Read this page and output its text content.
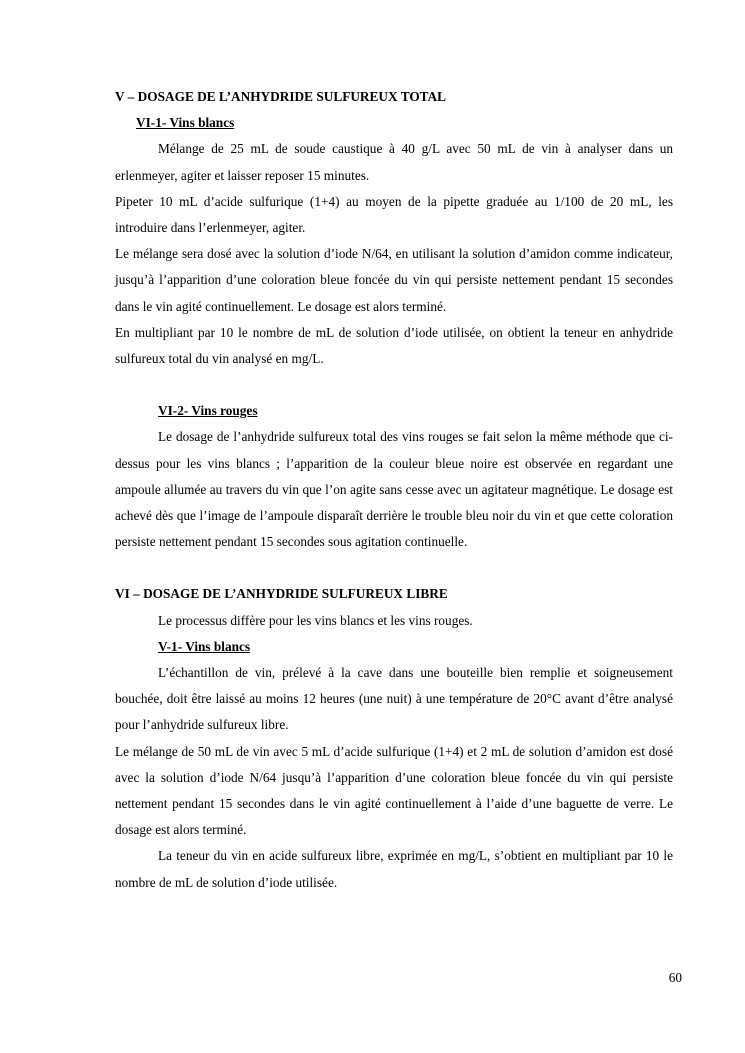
V – DOSAGE DE L’ANHYDRIDE SULFUREUX TOTAL
VI-1- Vins blancs

Mélange de 25 mL de soude caustique à 40 g/L avec 50 mL de vin à analyser dans un erlenmeyer, agiter et laisser reposer 15 minutes.

Pipeter 10 mL d’acide sulfurique (1+4) au moyen de la pipette graduée au 1/100 de 20 mL, les introduire dans l’erlenmeyer, agiter.

Le mélange sera dosé avec la solution d’iode N/64, en utilisant la solution d’amidon comme indicateur, jusqu’à l’apparition d’une coloration bleue foncée du vin qui persiste nettement pendant 15 secondes dans le vin agité continuellement. Le dosage est alors terminé.

En multipliant par 10 le nombre de mL de solution d’iode utilisée, on obtient la teneur en anhydride sulfureux total du vin analysé en mg/L.

VI-2- Vins rouges

Le dosage de l’anhydride sulfureux total des vins rouges se fait selon la même méthode que ci-dessus pour les vins blancs ; l’apparition de la couleur bleue noire est observée en regardant une ampoule allumée au travers du vin que l’on agite sans cesse avec un agitateur magnétique. Le dosage est achevé dès que l’image de l’ampoule disparaît derrière le trouble bleu noir du vin et que cette coloration persiste nettement pendant 15 secondes sous agitation continuelle.

VI – DOSAGE DE L’ANHYDRIDE SULFUREUX LIBRE

Le processus diffère pour les vins blancs et les vins rouges.

V-1- Vins blancs

L’échantillon de vin, prélevé à la cave dans une bouteille bien remplie et soigneusement bouchée, doit être laissé au moins 12 heures (une nuit) à une température de 20°C avant d’être analysé pour l’anhydride sulfureux libre.

Le mélange de 50 mL de vin avec 5 mL d’acide sulfurique (1+4) et 2 mL de solution d’amidon est dosé avec la solution d’iode N/64 jusqu’à l’apparition d’une coloration bleue foncée du vin qui persiste nettement pendant 15 secondes dans le vin agité continuellement à l’aide d’une baguette de verre. Le dosage est alors terminé.

La teneur du vin en acide sulfureux libre, exprimée en mg/L, s’obtient en multipliant par 10 le nombre de mL de solution d’iode utilisée.

60
